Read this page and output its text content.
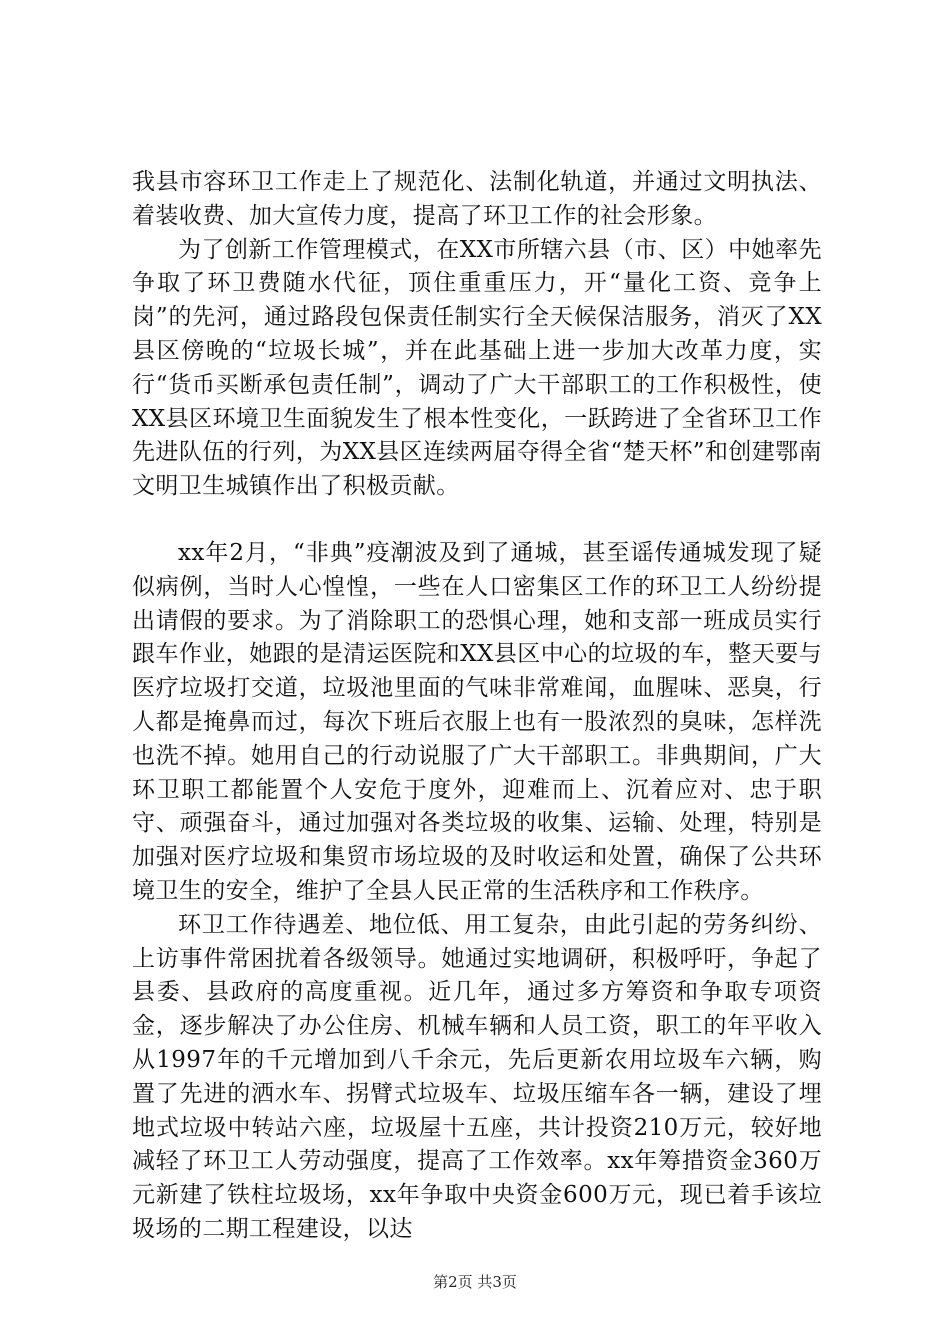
我县市容环卫工作走上了规范化、法制化轨道，并通过文明执法、着装收费、加大宣传力度，提高了环卫工作的社会形象。

为了创新工作管理模式，在XX市所辖六县（市、区）中她率先争取了环卫费随水代征，顶住重重压力，开“量化工资、竞争上岗”的先河，通过路段包保责任制实行全天候保洁服务，消灭了XX县区傍晚的“垃圾长城”，并在此基础上进一步加大改革力度，实行“货币买断承包责任制”，调动了广大干部职工的工作积极性，使XX县区环境卫生面貌发生了根本性变化，一跃跨进了全省环卫工作先进队伍的行列，为XX县区连续两届夺得全省“楚天杯”和创建鄂南文明卫生城镇作出了积极贡献。

xx年2月，“非典”疫潮波及到了通城，甚至谣传通城发现了疑似病例，当时人心惶惶，一些在人口密集区工作的环卫工人纷纷提出请假的要求。为了消除职工的恐惧心理，她和支部一班成员实行跟车作业，她跟的是清运医院和XX县区中心的垃圾的车，整天要与医疗垃圾打交道，垃圾池里面的气味非常难闻，血腥味、恶臭，行人都是掩鼻而过，每次下班后衣服上也有一股浓烈的臭味，怎样洗也洗不掉。她用自己的行动说服了广大干部职工。非典期间，广大环卫职工都能置个人安危于度外，迎难而上、沉着应对、忠于职守、顽强奋斗，通过加强对各类垃圾的收集、运输、处理，特别是加强对医疗垃圾和集贸市场垃圾的及时收运和处置，确保了公共环境卫生的安全，维护了全县人民正常的生活秩序和工作秩序。

环卫工作待遇差、地位低、用工复杂，由此引起的劳务纠纷、上访事件常困扰着各级领导。她通过实地调研，积极呼吁，争起了县委、县政府的高度重视。近几年，通过多方筹资和争取专项资金，逐步解决了办公住房、机械车辆和人员工资，职工的年平收入从1997年的千元增加到八千余元，先后更新农用垃圾车六辆，购置了先进的洒水车、拐臂式垃圾车、垃圾压缩车各一辆，建设了埋地式垃圾中转站六座，垃圾屋十五座，共计投资210万元，较好地减轻了环卫工人劳动强度，提高了工作效率。xx年筹措资金360万元新建了铁柱垃圾场，xx年争取中央资金600万元，现已着手该垃圾场的二期工程建设，以达

第2页 共3页
